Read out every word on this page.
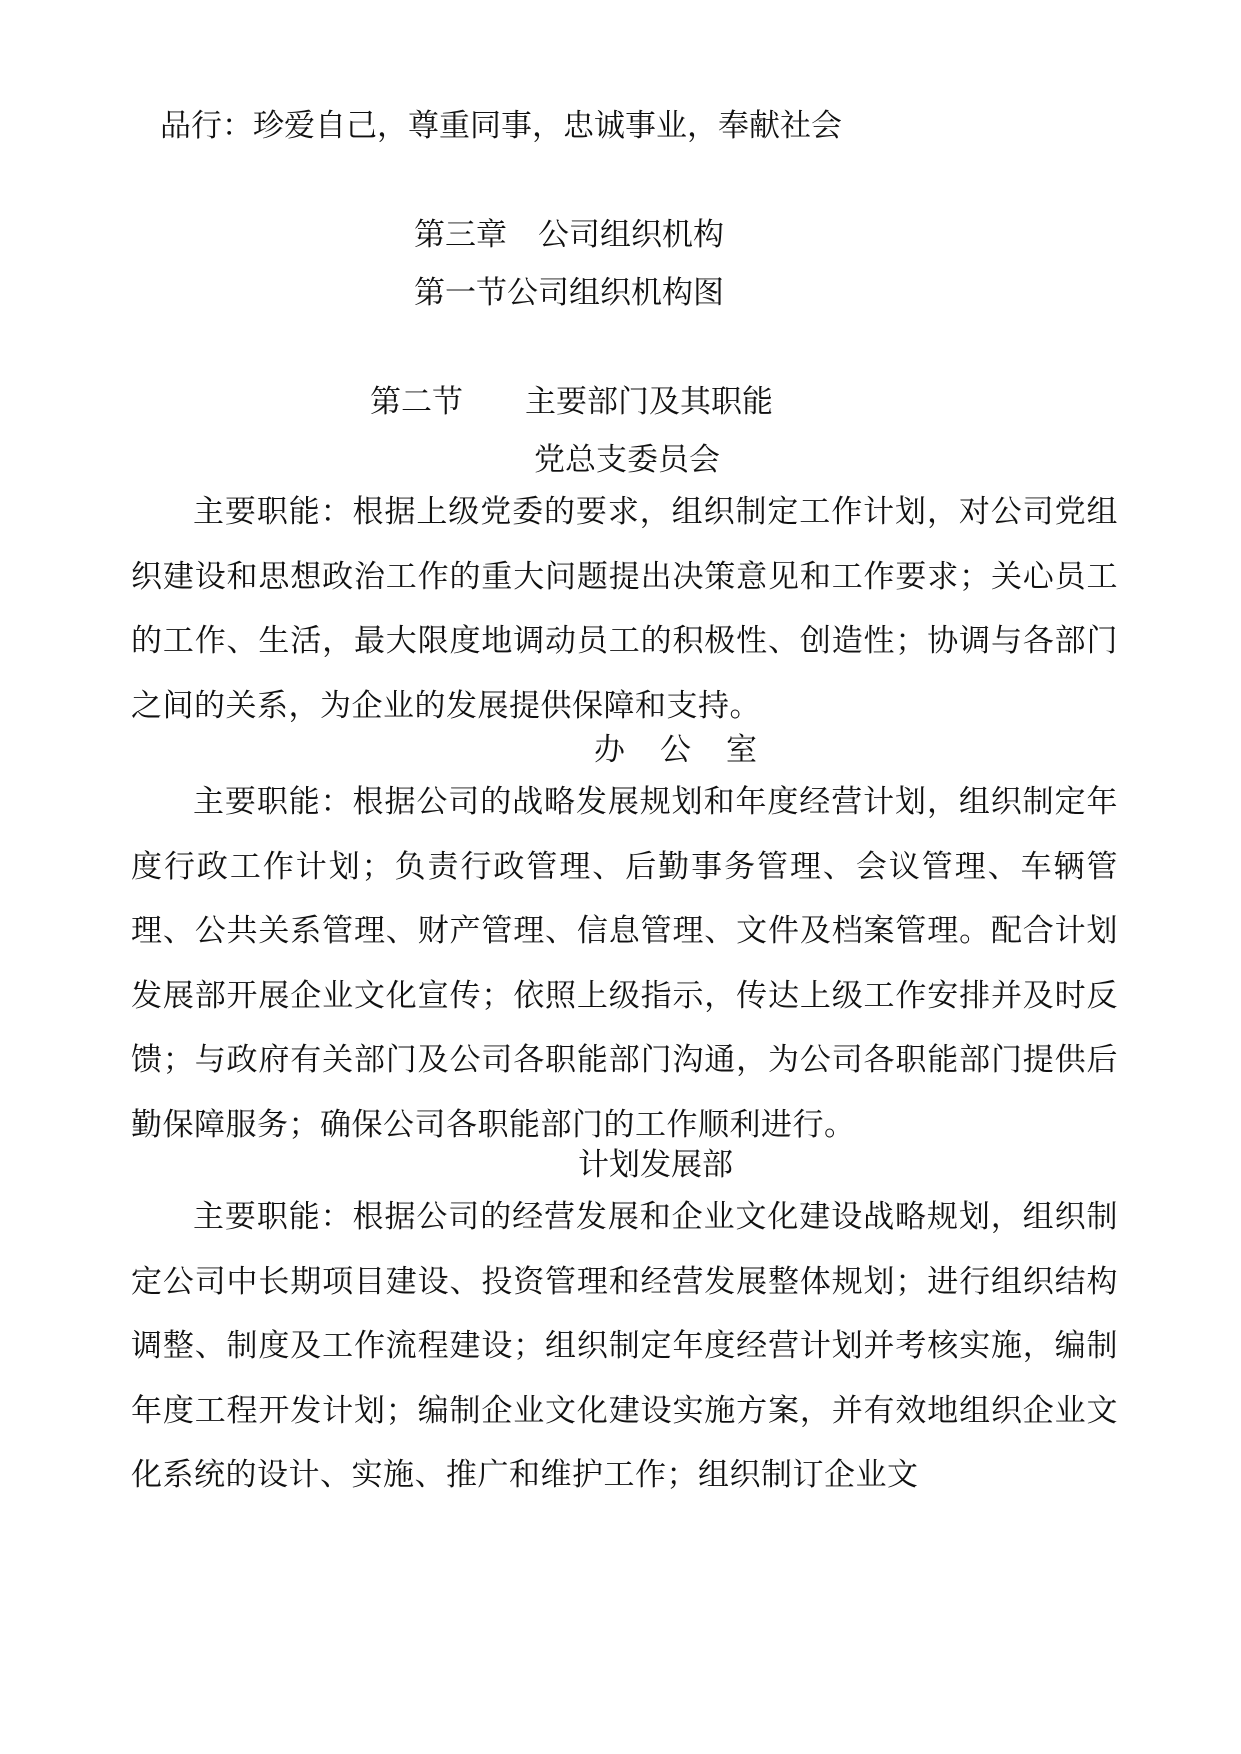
品行：珍爱自己，尊重同事，忠诚事业，奉献社会
第三章　公司组织机构
第一节公司组织机构图
第二节　　主要部门及其职能
党总支委员会
主要职能：根据上级党委的要求，组织制定工作计划，对公司党组织建设和思想政治工作的重大问题提出决策意见和工作要求；关心员工的工作、生活，最大限度地调动员工的积极性、创造性；协调与各部门之间的关系，为企业的发展提供保障和支持。
办　公　室
主要职能：根据公司的战略发展规划和年度经营计划，组织制定年度行政工作计划；负责行政管理、后勤事务管理、会议管理、车辆管理、公共关系管理、财产管理、信息管理、文件及档案管理。配合计划发展部开展企业文化宣传；依照上级指示，传达上级工作安排并及时反馈；与政府有关部门及公司各职能部门沟通，为公司各职能部门提供后勤保障服务；确保公司各职能部门的工作顺利进行。
计划发展部
主要职能：根据公司的经营发展和企业文化建设战略规划，组织制定公司中长期项目建设、投资管理和经营发展整体规划；进行组织结构调整、制度及工作流程建设；组织制定年度经营计划并考核实施，编制年度工程开发计划；编制企业文化建设实施方案，并有效地组织企业文化系统的设计、实施、推广和维护工作；组织制订企业文
